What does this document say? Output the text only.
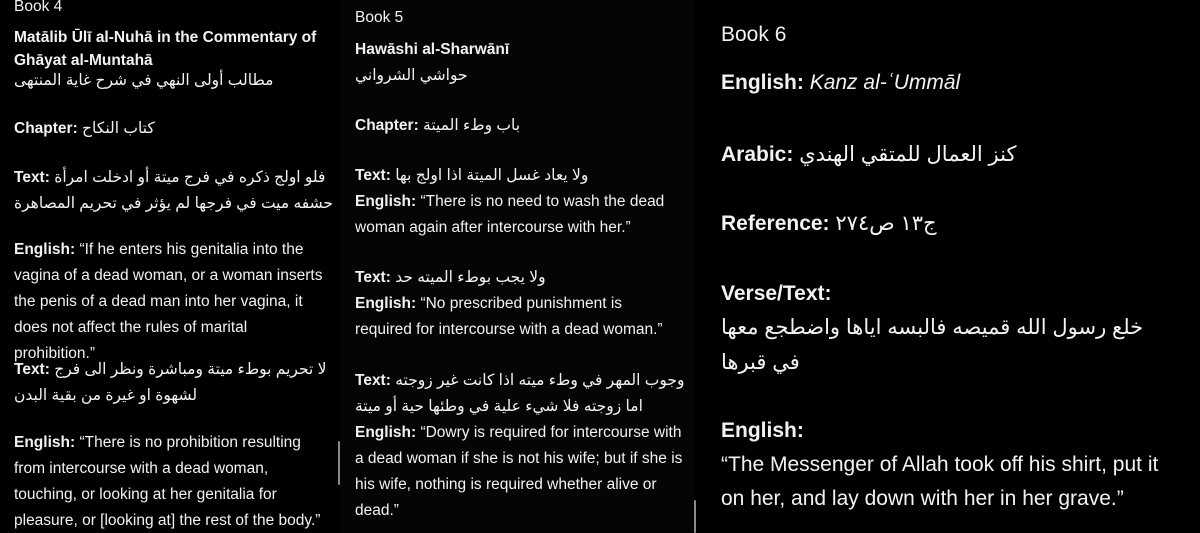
Book 4
Matālib Ūlī al-Nuhā in the Commentary of Ghāyat al-Muntahā
مطالب أولى النهي في شرح غاية المنتهى
Chapter: كتاب النكاح
Text: فلو اولج ذكره في فرج ميتة أو ادخلت امرأة حشفه ميت في فرجها لم يؤثر في تحريم المصاهرة
English: “If he enters his genitalia into the vagina of a dead woman, or a woman inserts the penis of a dead man into her vagina, it does not affect the rules of marital prohibition.”
Text: لا تحريم بوطء ميتة ومباشرة ونظر الى فرج لشهوة او غيرة من بقية البدن
English: “There is no prohibition resulting from intercourse with a dead woman, touching, or looking at her genitalia for pleasure, or [looking at] the rest of the body.”
Book 5
Hawāshi al-Sharwānī
حواشي الشرواني
Chapter: باب وطء الميتة
Text: ولا يعاد غسل الميتة اذا اولج بها
English: “There is no need to wash the dead woman again after intercourse with her.”
Text: ولا يجب بوطء الميته حد
English: “No prescribed punishment is required for intercourse with a dead woman.”
Text: وجوب المهر في وطء ميته اذا كانت غير زوجته اما زوجته فلا شيء علية في وطئها حية أو ميتة
English: “Dowry is required for intercourse with a dead woman if she is not his wife; but if she is his wife, nothing is required whether alive or dead.”
Book 6
English: Kanz al-ʿUmmāl
Arabic: كنز العمال للمتقي الهندي
Reference: ج١٣ ص٢٧٤
Verse/Text:
خلع رسول الله قميصه فالبسه اياها واضطجع معها في قبرها
English:
“The Messenger of Allah took off his shirt, put it on her, and lay down with her in her grave.”
